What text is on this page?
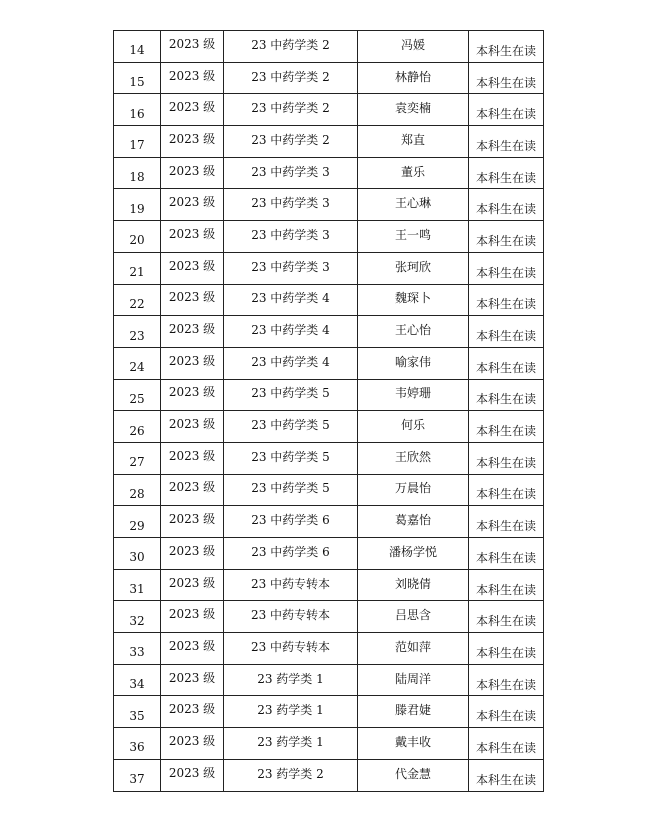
14	2023 级	23 中药学类 2	冯媛	本科生在读
15	2023 级	23 中药学类 2	林静怡	本科生在读
16	2023 级	23 中药学类 2	袁奕楠	本科生在读
17	2023 级	23 中药学类 2	郑直	本科生在读
18	2023 级	23 中药学类 3	董乐	本科生在读
19	2023 级	23 中药学类 3	王心琳	本科生在读
20	2023 级	23 中药学类 3	王一鸣	本科生在读
21	2023 级	23 中药学类 3	张珂欣	本科生在读
22	2023 级	23 中药学类 4	魏琛卜	本科生在读
23	2023 级	23 中药学类 4	王心怡	本科生在读
24	2023 级	23 中药学类 4	喻家伟	本科生在读
25	2023 级	23 中药学类 5	韦婷珊	本科生在读
26	2023 级	23 中药学类 5	何乐	本科生在读
27	2023 级	23 中药学类 5	王欣然	本科生在读
28	2023 级	23 中药学类 5	万晨怡	本科生在读
29	2023 级	23 中药学类 6	葛嘉怡	本科生在读
30	2023 级	23 中药学类 6	潘杨学悦	本科生在读
31	2023 级	23 中药专转本	刘晓倩	本科生在读
32	2023 级	23 中药专转本	吕思含	本科生在读
33	2023 级	23 中药专转本	范如萍	本科生在读
34	2023 级	23 药学类 1	陆周洋	本科生在读
35	2023 级	23 药学类 1	滕君婕	本科生在读
36	2023 级	23 药学类 1	戴丰收	本科生在读
37	2023 级	23 药学类 2	代金慧	本科生在读
